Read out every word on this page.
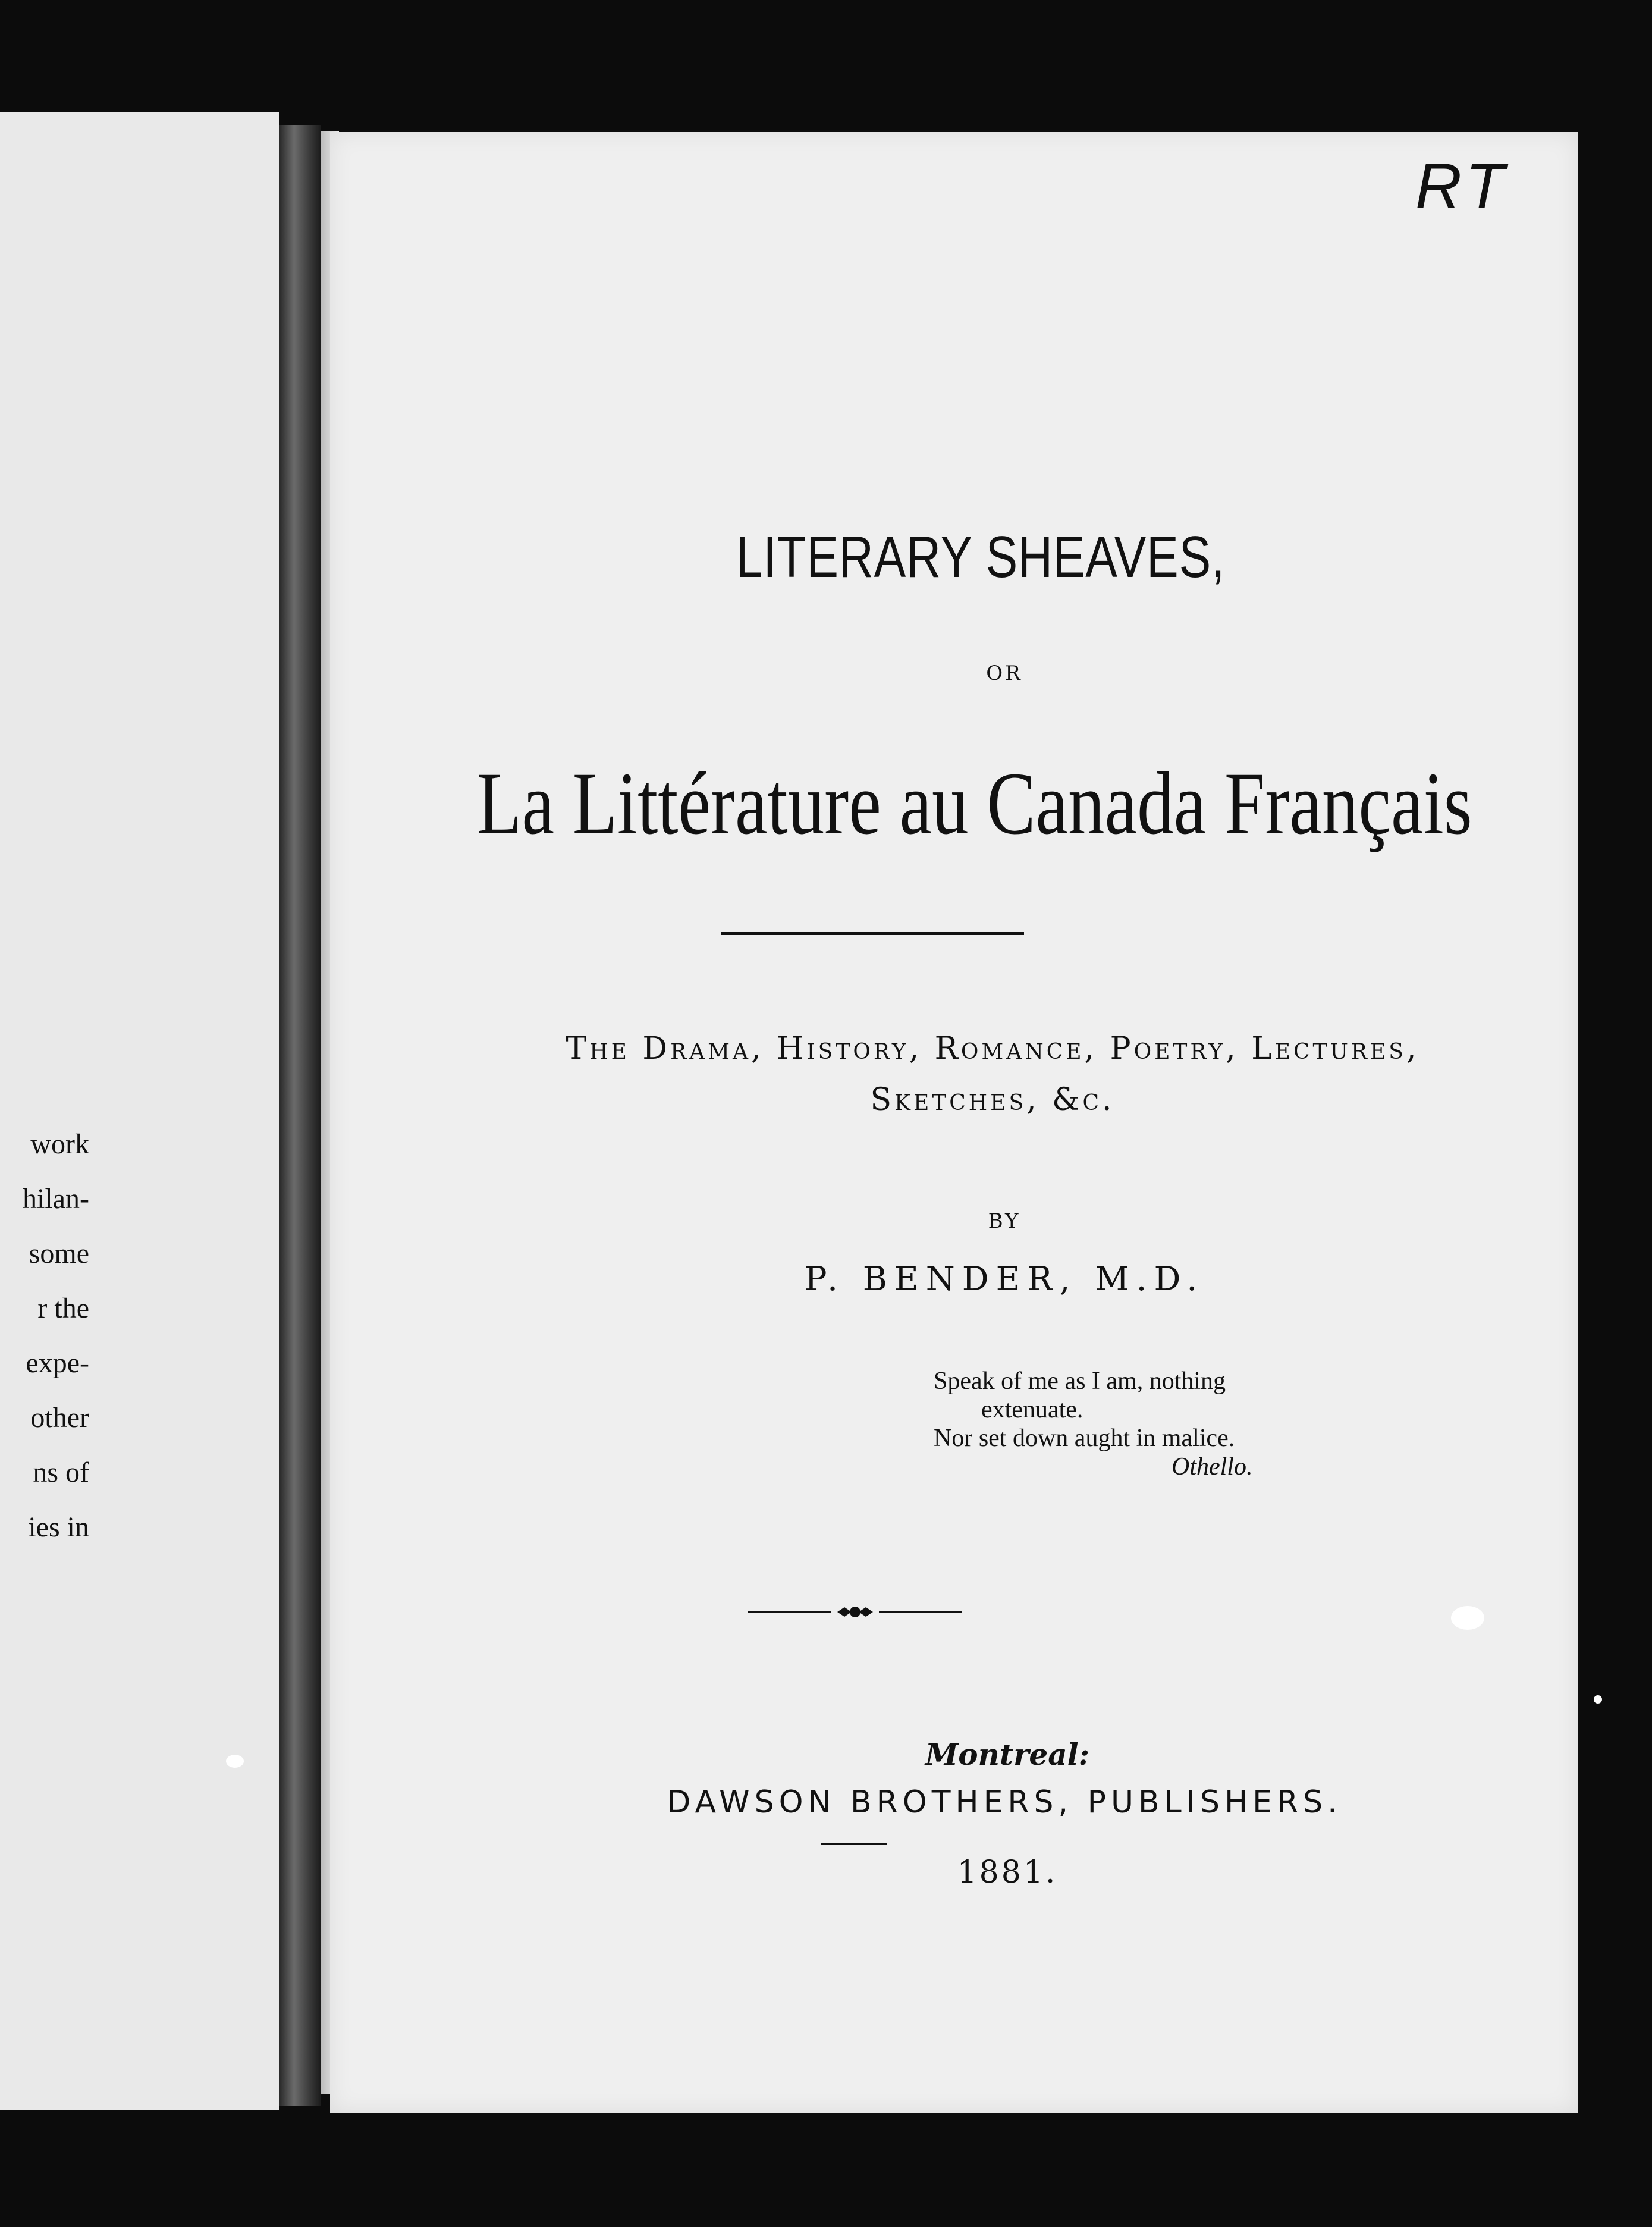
work
hilan-
some
r the
expe-
other
ns of
ies in
RT
LITERARY SHEAVES,
OR
La Littérature au Canada Français
The Drama, History, Romance, Poetry, Lectures,
Sketches, &c.
BY
P. BENDER, M.D.
Speak of me as I am, nothing
extenuate.
Nor set down aught in malice.
Othello.
Montreal:
DAWSON BROTHERS, PUBLISHERS.
1881.
